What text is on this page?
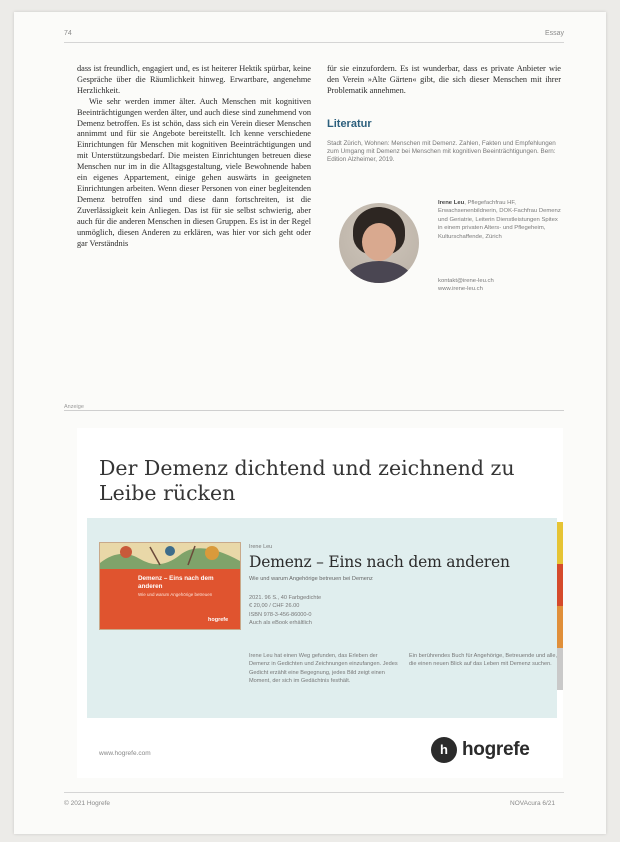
74	Essay

dass ist freundlich, engagiert und, es ist heiterer Hektik spürbar, keine Gespräche über die Räumlichkeit hinweg. Erwartbare, angenehme Herzlichkeit.

Wie sehr werden immer älter. Auch Menschen mit kognitiven Beeinträchtigungen werden älter, und auch diese sind zunehmend von Demenz betroffen. Es ist schön, dass sich ein Verein dieser Menschen annimmt und für sie Angebote bereitstellt. Ich kenne verschiedene Einrichtungen für Menschen mit kognitiven Beeinträchtigungen und mit Unterstützungsbedarf. Die meisten Einrichtungen betreuen diese Menschen nur im in die Alltagsgestaltung, viele Bewohnende haben ein eigenes Appartement, einige gehen auswärts in geeigneten Einrichtungen arbeiten. Wenn dieser Personen von einer begleitenden Demenz betroffen sind und diese dann fortschreiten, ist die Zuverlässigkeit kein Anliegen. Das ist für sie selbst schwierig, aber auch für die anderen Menschen in diesen Gruppen. Es ist in der Regel unmöglich, diesen Anderen zu erklären, was hier vor sich geht oder gar Verständnis

für sie einzufordern. Es ist wunderbar, dass es private Anbieter wie den Verein »Alte Gärten« gibt, die sich dieser Menschen mit ihrer Problematik annehmen.

Literatur
Stadt Zürich, Wohnen: Menschen mit Demenz. Zahlen, Fakten und Empfehlungen zum Umgang mit Demenz bei Menschen mit kognitiven Beeinträchtigungen. Bern: Edition Alzheimer, 2019.
Irene Leu, Pflegefachfrau HF, Erwachsenenbildnerin, DOK-Fachfrau Demenz und Geriatrie, Leiterin Dienstleistungen Spitex in einem privaten Alters- und Pflegeheim, Kulturschaffende, Zürich
kontakt@irene-leu.ch
www.irene-leu.ch
Anzeige
Der Demenz dichtend und zeichnend zu Leibe rücken
Demenz – Eins nach dem anderen
Wie und warum Angehörige betreuen
hogrefe
Irene Leu
Demenz – Eins nach dem anderen
Wie und warum Angehörige betreuen bei Demenz
2021. 96 S., 40 Farbgedichte
€ 20,00 / CHF 26.00
ISBN 978-3-456-86000-0
Auch als eBook erhältlich
Irene Leu hat einen Weg gefunden, das Erleben der Demenz in Gedichten und Zeichnungen einzufangen. Jedes Gedicht erzählt eine Begegnung, jedes Bild zeigt einen Moment, der sich im Gedächtnis festhält.
Ein berührendes Buch für Angehörige, Betreuende und alle, die einen neuen Blick auf das Leben mit Demenz suchen.
www.hogrefe.com	h hogrefe
© 2021 Hogrefe	NOVAcura 6/21
